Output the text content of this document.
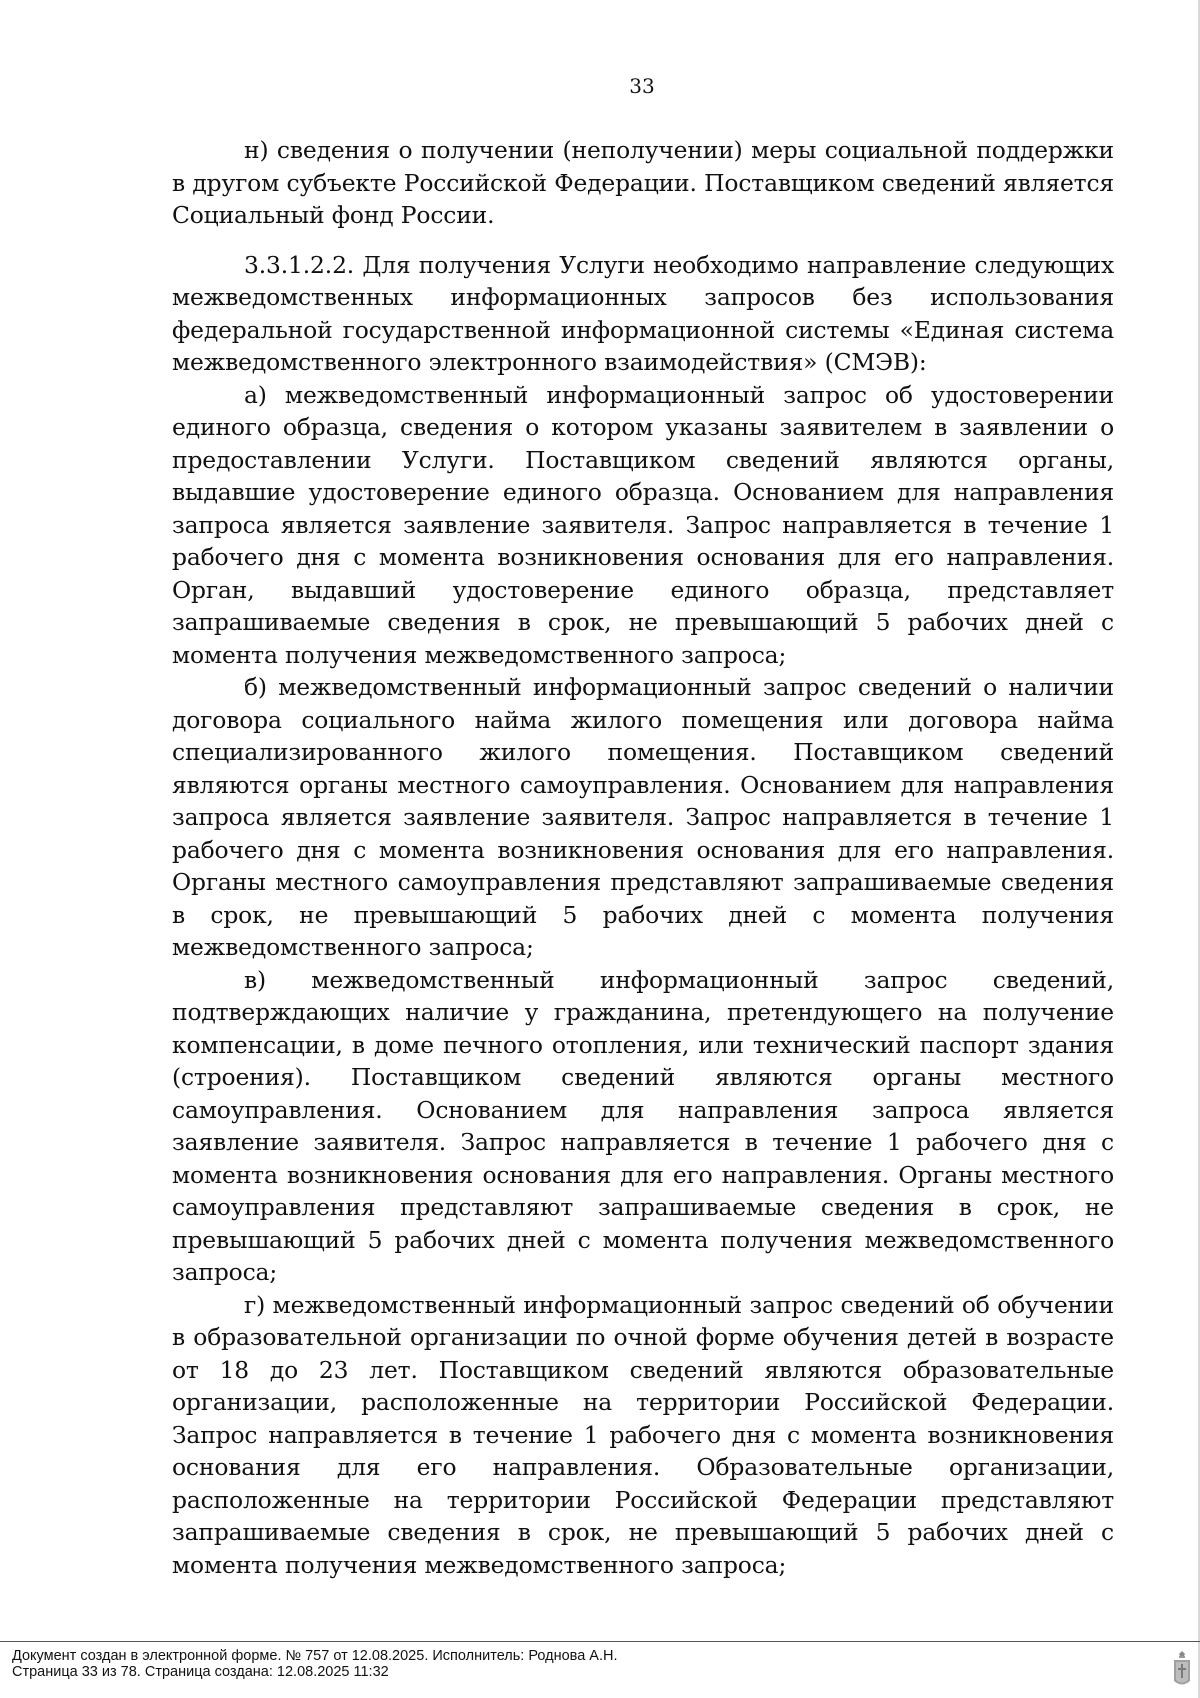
33

н) сведения о получении (неполучении) меры социальной поддержки в другом субъекте Российской Федерации. Поставщиком сведений является Социальный фонд России.

3.3.1.2.2. Для получения Услуги необходимо направление следующих межведомственных информационных запросов без использования федеральной государственной информационной системы «Единая система межведомственного электронного взаимодействия» (СМЭВ):

а) межведомственный информационный запрос об удостоверении единого образца, сведения о котором указаны заявителем в заявлении о предоставлении Услуги. Поставщиком сведений являются органы, выдавшие удостоверение единого образца. Основанием для направления запроса является заявление заявителя. Запрос направляется в течение 1 рабочего дня с момента возникновения основания для его направления. Орган, выдавший удостоверение единого образца, представляет запрашиваемые сведения в срок, не превышающий 5 рабочих дней с момента получения межведомственного запроса;

б) межведомственный информационный запрос сведений о наличии договора социального найма жилого помещения или договора найма специализированного жилого помещения. Поставщиком сведений являются органы местного самоуправления. Основанием для направления запроса является заявление заявителя. Запрос направляется в течение 1 рабочего дня с момента возникновения основания для его направления. Органы местного самоуправления представляют запрашиваемые сведения в срок, не превышающий 5 рабочих дней с момента получения межведомственного запроса;

в) межведомственный информационный запрос сведений, подтверждающих наличие у гражданина, претендующего на получение компенсации, в доме печного отопления, или технический паспорт здания (строения). Поставщиком сведений являются органы местного самоуправления. Основанием для направления запроса является заявление заявителя. Запрос направляется в течение 1 рабочего дня с момента возникновения основания для его направления. Органы местного самоуправления представляют запрашиваемые сведения в срок, не превышающий 5 рабочих дней с момента получения межведомственного запроса;

г) межведомственный информационный запрос сведений об обучении в образовательной организации по очной форме обучения детей в возрасте от 18 до 23 лет. Поставщиком сведений являются образовательные организации, расположенные на территории Российской Федерации. Запрос направляется в течение 1 рабочего дня с момента возникновения основания для его направления. Образовательные организации, расположенные на территории Российской Федерации представляют запрашиваемые сведения в срок, не превышающий 5 рабочих дней с момента получения межведомственного запроса;

Документ создан в электронной форме. № 757 от 12.08.2025. Исполнитель: Роднова А.Н.
Страница 33 из 78. Страница создана: 12.08.2025 11:32
